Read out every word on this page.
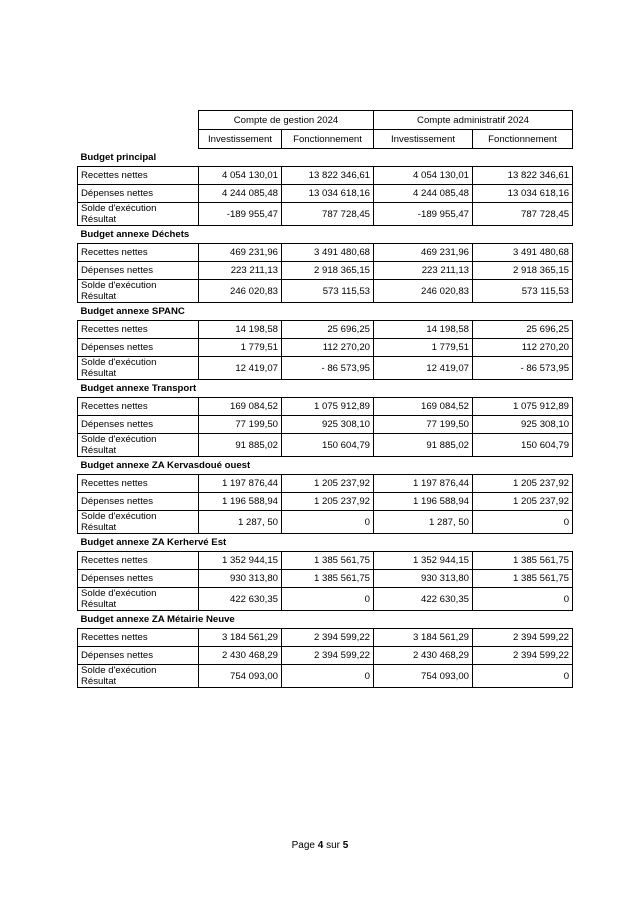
	Compte de gestion 2024		Compte administratif 2024	
	Investissement	Fonctionnement	Investissement	Fonctionnement
Budget principal				
Recettes nettes	4 054 130,01	13 822 346,61	4 054 130,01	13 822 346,61
Dépenses nettes	4 244 085,48	13 034 618,16	4 244 085,48	13 034 618,16

Solde d'exécution
Résultat	-189 955,47	787 728,45	-189 955,47	787 728,45
Budget annexe Déchets				
Recettes nettes	469 231,96	3 491 480,68	469 231,96	3 491 480,68
Dépenses nettes	223 211,13	2 918 365,15	223 211,13	2 918 365,15

Solde d'exécution
Résultat	246 020,83	573 115,53	246 020,83	573 115,53
Budget annexe SPANC				
Recettes nettes	14 198,58	25 696,25	14 198,58	25 696,25
Dépenses nettes	1 779,51	112 270,20	1 779,51	112 270,20

Solde d'exécution
Résultat	12 419,07	- 86 573,95	12 419,07	- 86 573,95
Budget annexe Transport				
Recettes nettes	169 084,52	1 075 912,89	169 084,52	1 075 912,89
Dépenses nettes	77 199,50	925 308,10	77 199,50	925 308,10

Solde d'exécution
Résultat	91 885,02	150 604,79	91 885,02	150 604,79
Budget annexe ZA Kervasdoué ouest				
Recettes nettes	1 197 876,44	1 205 237,92	1 197 876,44	1 205 237,92
Dépenses nettes	1 196 588,94	1 205 237,92	1 196 588,94	1 205 237,92

Solde d'exécution
Résultat	1 287, 50	0	1 287, 50	0
Budget annexe ZA Kerhervé Est				
Recettes nettes	1 352 944,15	1 385 561,75	1 352 944,15	1 385 561,75
Dépenses nettes	930 313,80	1 385 561,75	930 313,80	1 385 561,75

Solde d'exécution
Résultat	422 630,35	0	422 630,35	0
Budget annexe ZA Métairie Neuve				
Recettes nettes	3 184 561,29	2 394 599,22	3 184 561,29	2 394 599,22
Dépenses nettes	2 430 468,29	2 394 599,22	2 430 468,29	2 394 599,22

Solde d'exécution
Résultat	754 093,00	0	754 093,00	0
Page 4 sur 5
